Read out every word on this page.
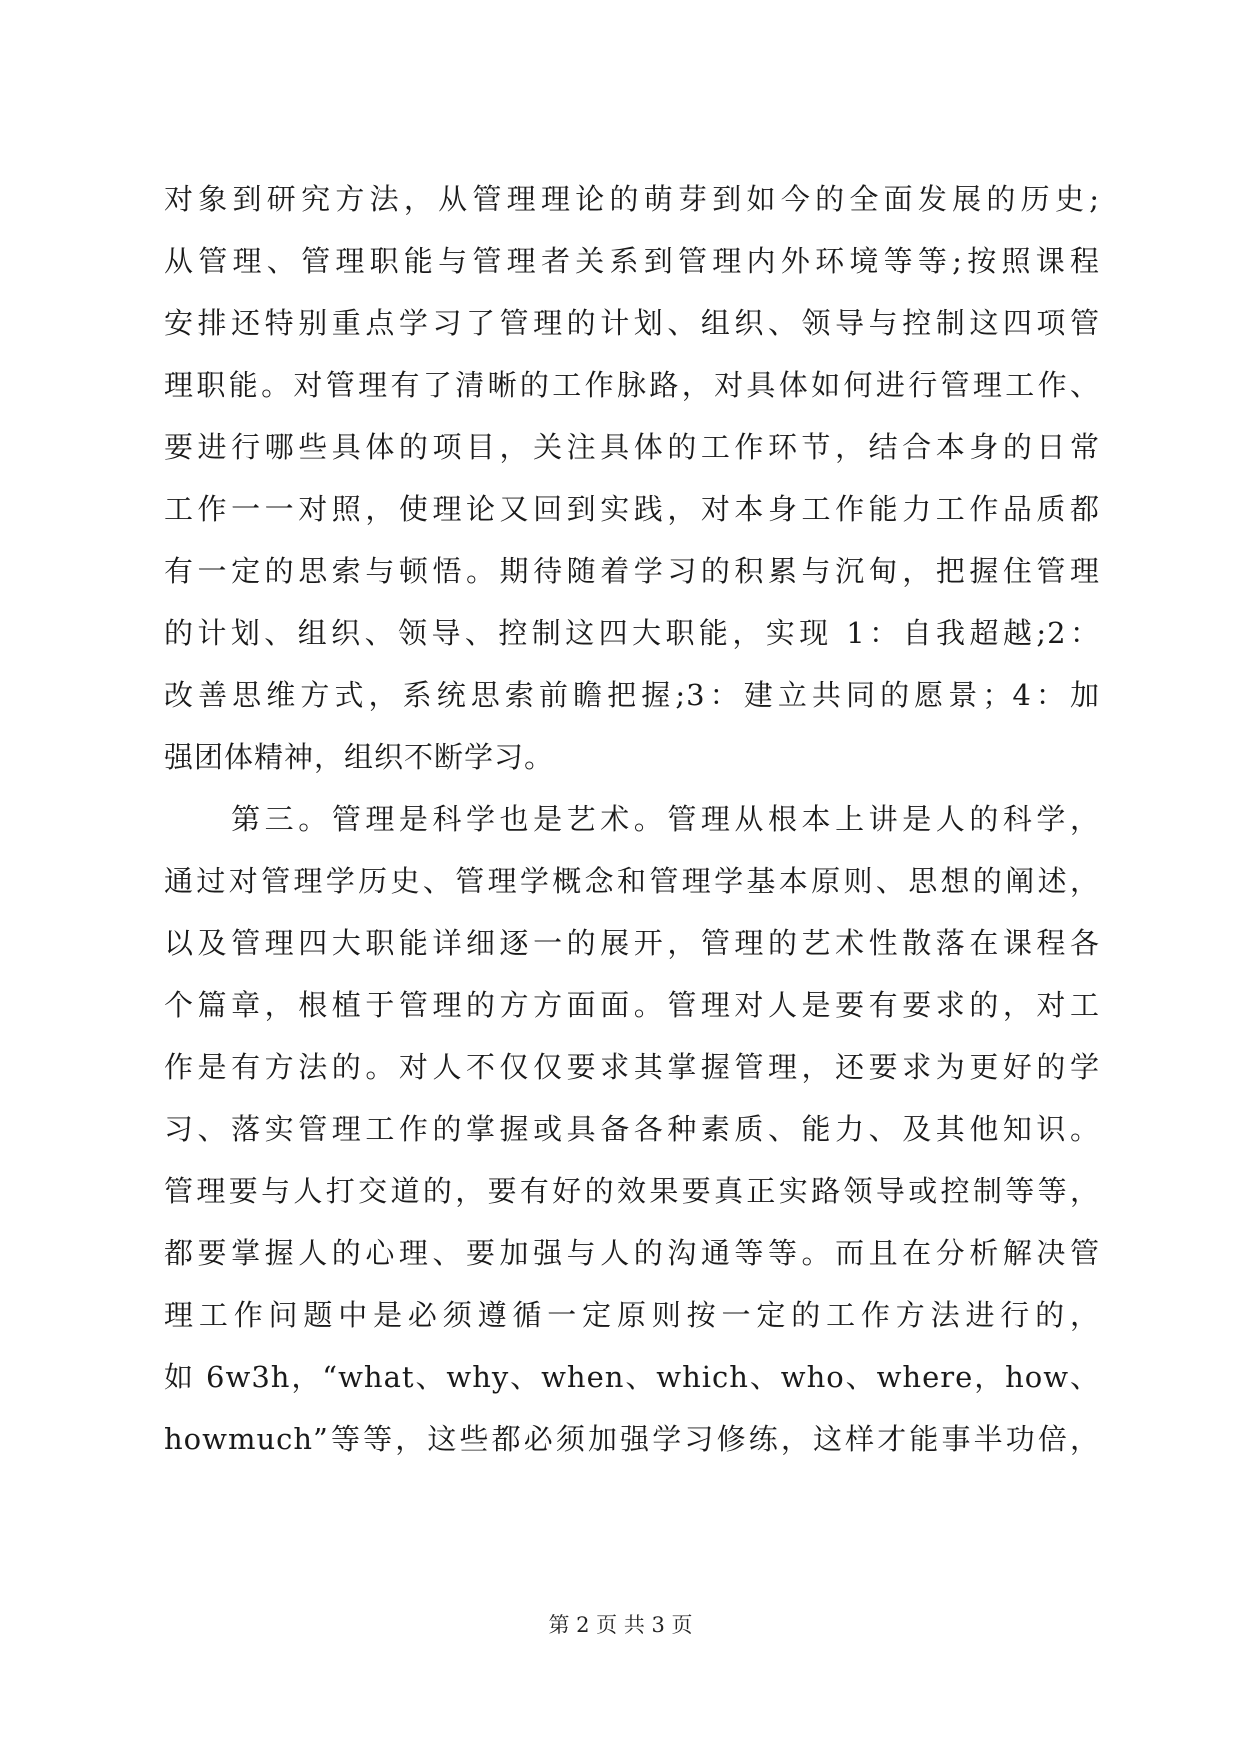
对象到研究方法，从管理理论的萌芽到如今的全面发展的历史;
从管理、管理职能与管理者关系到管理内外环境等等;按照课程
安排还特别重点学习了管理的计划、组织、领导与控制这四项管
理职能。对管理有了清晰的工作脉路，对具体如何进行管理工作、
要进行哪些具体的项目，关注具体的工作环节，结合本身的日常
工作一一对照，使理论又回到实践，对本身工作能力工作品质都
有一定的思索与顿悟。期待随着学习的积累与沉甸，把握住管理
的计划、组织、领导、控制这四大职能，实现 1：自我超越;2：
改善思维方式，系统思索前瞻把握;3：建立共同的愿景；4：加
强团体精神，组织不断学习。
　　第三。管理是科学也是艺术。管理从根本上讲是人的科学，
通过对管理学历史、管理学概念和管理学基本原则、思想的阐述，
以及管理四大职能详细逐一的展开，管理的艺术性散落在课程各
个篇章，根植于管理的方方面面。管理对人是要有要求的，对工
作是有方法的。对人不仅仅要求其掌握管理，还要求为更好的学
习、落实管理工作的掌握或具备各种素质、能力、及其他知识。
管理要与人打交道的，要有好的效果要真正实路领导或控制等等，
都要掌握人的心理、要加强与人的沟通等等。而且在分析解决管
理工作问题中是必须遵循一定原则按一定的工作方法进行的，
如 6w3h，“what、why、when、which、who、where，how、
howmuch”等等，这些都必须加强学习修练，这样才能事半功倍，
第 2 页 共 3 页
